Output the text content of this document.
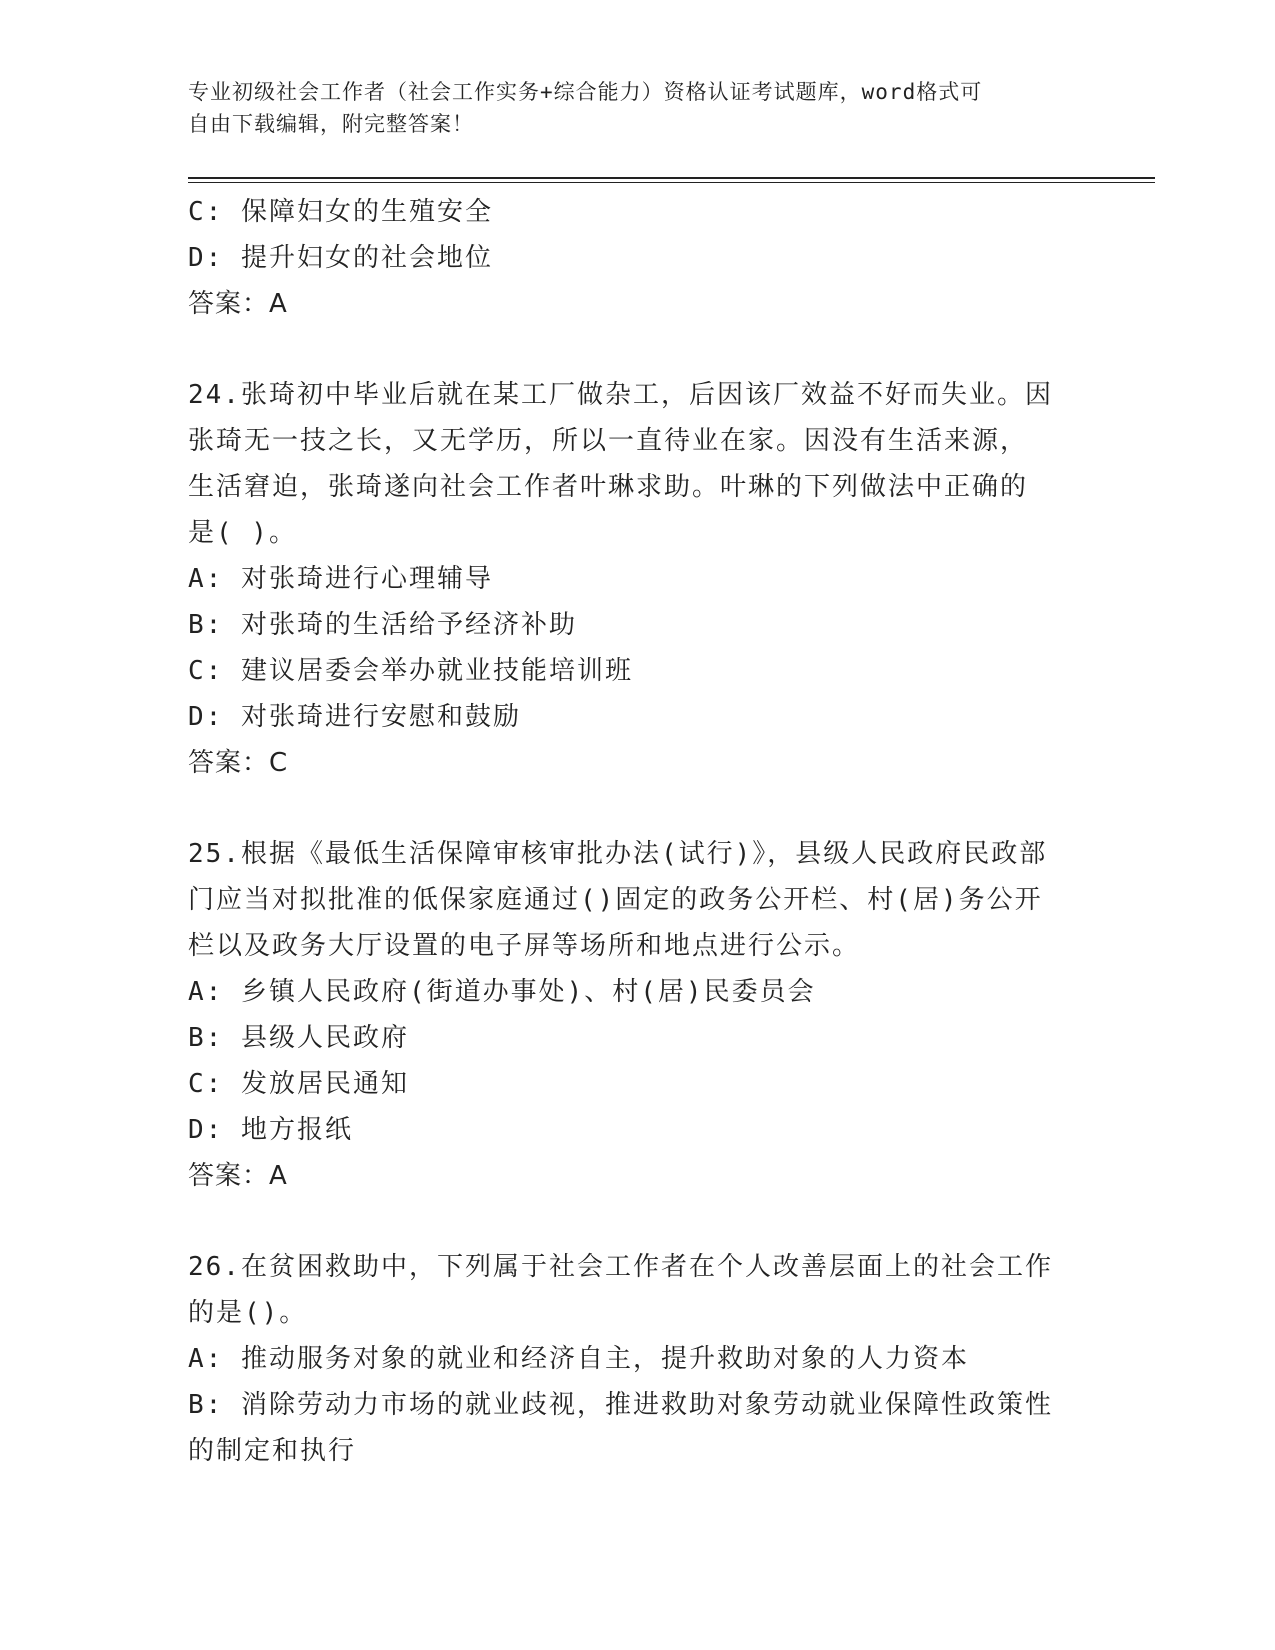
专业初级社会工作者（社会工作实务+综合能力）资格认证考试题库，word格式可
自由下载编辑，附完整答案！
C: 保障妇女的生殖安全
D: 提升妇女的社会地位
答案：A
24.张琦初中毕业后就在某工厂做杂工，后因该厂效益不好而失业。因
张琦无一技之长，又无学历，所以一直待业在家。因没有生活来源，
生活窘迫，张琦遂向社会工作者叶琳求助。叶琳的下列做法中正确的
是( )。
A: 对张琦进行心理辅导
B: 对张琦的生活给予经济补助
C: 建议居委会举办就业技能培训班
D: 对张琦进行安慰和鼓励
答案：C
25.根据《最低生活保障审核审批办法(试行)》，县级人民政府民政部
门应当对拟批准的低保家庭通过()固定的政务公开栏、村(居)务公开
栏以及政务大厅设置的电子屏等场所和地点进行公示。
A: 乡镇人民政府(街道办事处)、村(居)民委员会
B: 县级人民政府
C: 发放居民通知
D: 地方报纸
答案：A
26.在贫困救助中，下列属于社会工作者在个人改善层面上的社会工作
的是()。
A: 推动服务对象的就业和经济自主，提升救助对象的人力资本
B: 消除劳动力市场的就业歧视，推进救助对象劳动就业保障性政策性
的制定和执行
